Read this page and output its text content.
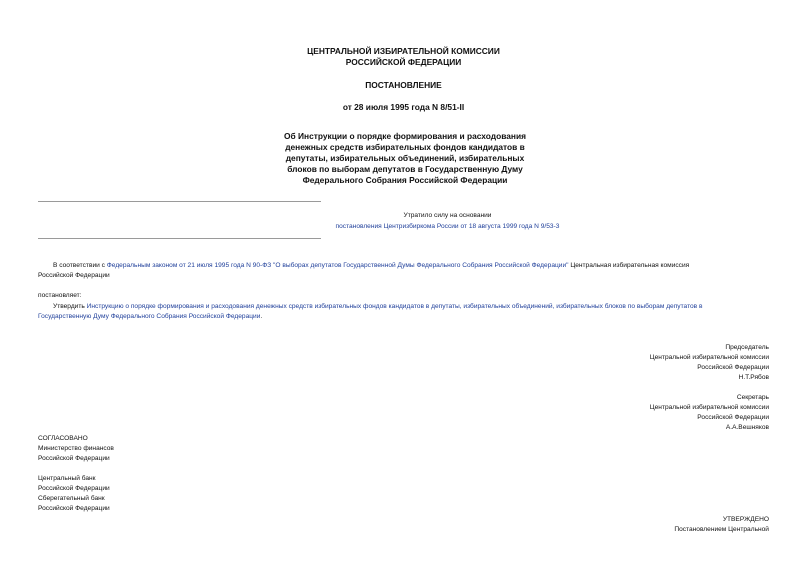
ЦЕНТРАЛЬНОЙ ИЗБИРАТЕЛЬНОЙ КОМИССИИ
РОССИЙСКОЙ ФЕДЕРАЦИИ
ПОСТАНОВЛЕНИЕ
от 28 июля 1995 года N 8/51-II
Об Инструкции о порядке формирования и расходования
денежных средств избирательных фондов кандидатов в
депутаты, избирательных объединений, избирательных
блоков по выборам депутатов в Государственную Думу
Федерального Собрания Российской Федерации
Утратило силу на основании
постановления Центризбиркома России от 18 августа 1999 года N 9/53-3
В соответствии с Федеральным законом от 21 июля 1995 года N 90-ФЗ "О выборах депутатов Государственной Думы Федерального Собрания Российской Федерации" Центральная избирательная комиссия
Российской Федерации
постановляет:
Утвердить Инструкцию о порядке формирования и расходования денежных средств избирательных фондов кандидатов в депутаты, избирательных объединений, избирательных блоков по выборам депутатов в
Государственную Думу Федерального Собрания Российской Федерации.
Председатель
Центральной избирательной комиссии
Российской Федерации
Н.Т.Рябов
Секретарь
Центральной избирательной комиссии
Российской Федерации
А.А.Вешняков
СОГЛАСОВАНО
Министерство финансов
Российской Федерации
Центральный банк
Российской Федерации
Сберегательный банк
Российской Федерации
УТВЕРЖДЕНО
Постановлением Центральной
